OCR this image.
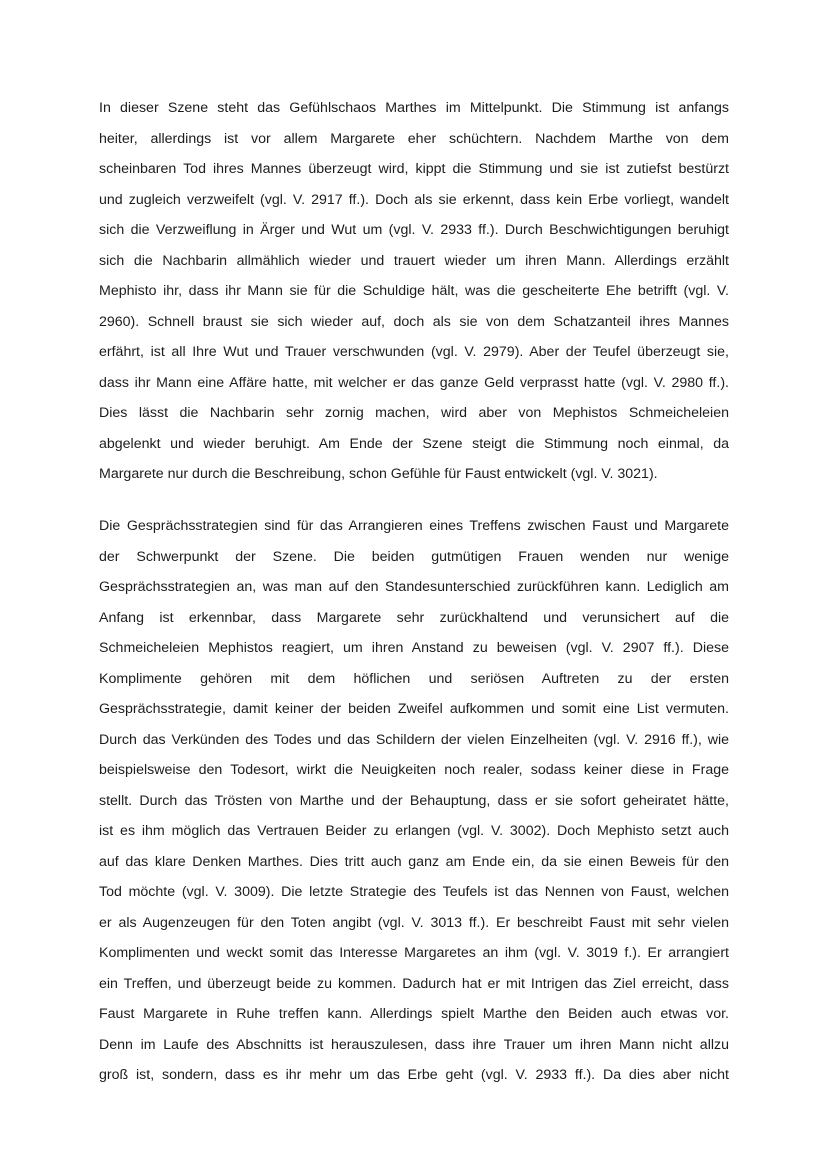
In dieser Szene steht das Gefühlschaos Marthes im Mittelpunkt. Die Stimmung ist anfangs
heiter, allerdings ist vor allem Margarete eher schüchtern. Nachdem Marthe von dem
scheinbaren Tod ihres Mannes überzeugt wird, kippt die Stimmung und sie ist zutiefst bestürzt
und zugleich verzweifelt (vgl. V. 2917 ff.). Doch als sie erkennt, dass kein Erbe vorliegt, wandelt
sich die Verzweiflung in Ärger und Wut um (vgl. V. 2933 ff.). Durch Beschwichtigungen beruhigt
sich die Nachbarin allmählich wieder und trauert wieder um ihren Mann. Allerdings erzählt
Mephisto ihr, dass ihr Mann sie für die Schuldige hält, was die gescheiterte Ehe betrifft (vgl. V.
2960). Schnell braust sie sich wieder auf, doch als sie von dem Schatzanteil ihres Mannes
erfährt, ist all Ihre Wut und Trauer verschwunden (vgl. V. 2979). Aber der Teufel überzeugt sie,
dass ihr Mann eine Affäre hatte, mit welcher er das ganze Geld verprasst hatte (vgl. V. 2980 ff.).
Dies lässt die Nachbarin sehr zornig machen, wird aber von Mephistos Schmeicheleien
abgelenkt und wieder beruhigt. Am Ende der Szene steigt die Stimmung noch einmal, da
Margarete nur durch die Beschreibung, schon Gefühle für Faust entwickelt (vgl. V. 3021).
Die Gesprächsstrategien sind für das Arrangieren eines Treffens zwischen Faust und Margarete
der Schwerpunkt der Szene. Die beiden gutmütigen Frauen wenden nur wenige
Gesprächsstrategien an, was man auf den Standesunterschied zurückführen kann. Lediglich am
Anfang ist erkennbar, dass Margarete sehr zurückhaltend und verunsichert auf die
Schmeicheleien Mephistos reagiert, um ihren Anstand zu beweisen (vgl. V. 2907 ff.). Diese
Komplimente gehören mit dem höflichen und seriösen Auftreten zu der ersten
Gesprächsstrategie, damit keiner der beiden Zweifel aufkommen und somit eine List vermuten.
Durch das Verkünden des Todes und das Schildern der vielen Einzelheiten (vgl. V. 2916 ff.), wie
beispielsweise den Todesort, wirkt die Neuigkeiten noch realer, sodass keiner diese in Frage
stellt. Durch das Trösten von Marthe und der Behauptung, dass er sie sofort geheiratet hätte,
ist es ihm möglich das Vertrauen Beider zu erlangen (vgl. V. 3002). Doch Mephisto setzt auch
auf das klare Denken Marthes. Dies tritt auch ganz am Ende ein, da sie einen Beweis für den
Tod möchte (vgl. V. 3009). Die letzte Strategie des Teufels ist das Nennen von Faust, welchen
er als Augenzeugen für den Toten angibt (vgl. V. 3013 ff.). Er beschreibt Faust mit sehr vielen
Komplimenten und weckt somit das Interesse Margaretes an ihm (vgl. V. 3019 f.). Er arrangiert
ein Treffen, und überzeugt beide zu kommen. Dadurch hat er mit Intrigen das Ziel erreicht, dass
Faust Margarete in Ruhe treffen kann. Allerdings spielt Marthe den Beiden auch etwas vor.
Denn im Laufe des Abschnitts ist herauszulesen, dass ihre Trauer um ihren Mann nicht allzu
groß ist, sondern, dass es ihr mehr um das Erbe geht (vgl. V. 2933 ff.). Da dies aber nicht
